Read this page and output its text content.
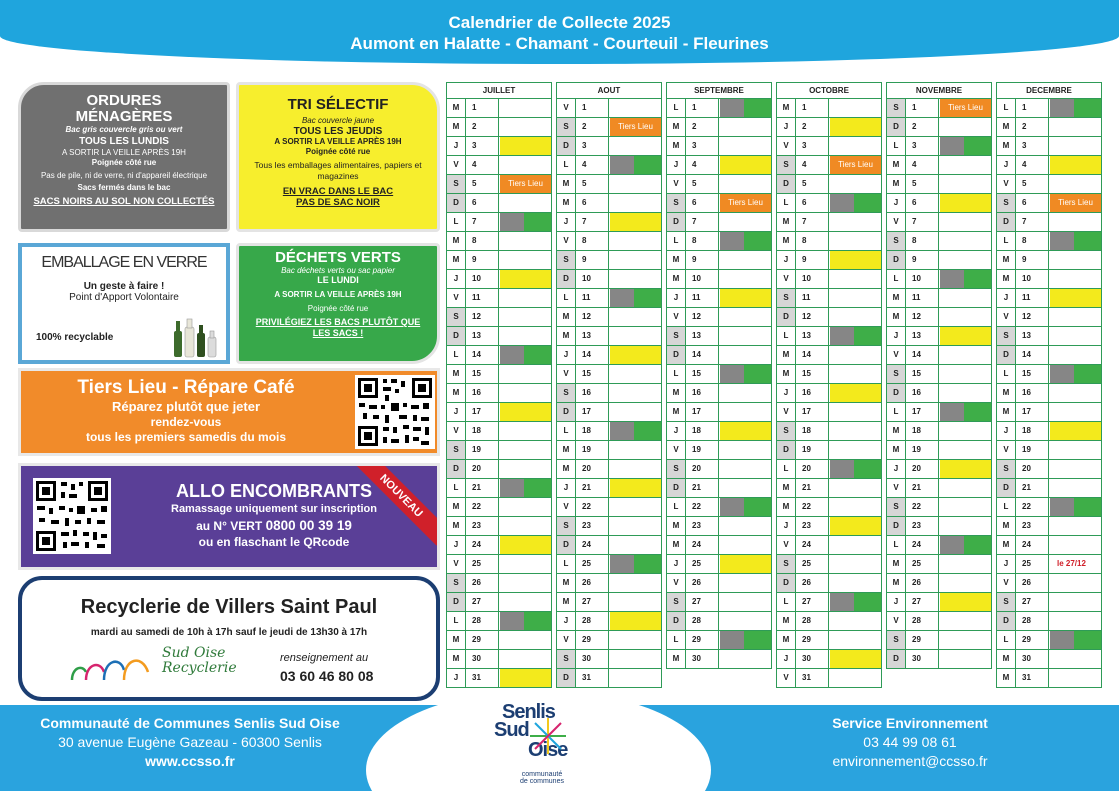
Calendrier de Collecte 2025
Aumont en Halatte - Chamant - Courteuil - Fleurines
ORDURES
MÉNAGÈRES
Bac gris couvercle gris ou vert
TOUS LES LUNDIS
A SORTIR LA VEILLE APRÈS 19H
Poignée côté rue
Pas de pile, ni de verre, ni d'appareil électrique
Sacs fermés dans le bac
SACS NOIRS AU SOL NON COLLECTÉS
TRI SÉLECTIF
Bac couvercle jaune
TOUS LES JEUDIS
A SORTIR LA VEILLE APRÈS 19H
Poignée côté rue
Tous les emballages alimentaires, papiers et magazines
EN VRAC DANS LE BAC
PAS DE SAC NOIR
EMBALLAGE EN VERRE
Un geste à faire !
Point d'Apport Volontaire
100% recyclable
DÉCHETS VERTS
Bac déchets verts ou sac papier
LE LUNDI
A SORTIR LA VEILLE APRÈS 19H
Poignée côté rue
PRIVILÉGIEZ LES BACS PLUTÔT QUE LES SACS !
Tiers Lieu - Répare Café
Réparez plutôt que jeter
rendez-vous
tous les premiers samedis du mois
ALLO ENCOMBRANTS
Ramassage uniquement sur inscription
au N° VERT 0800 00 39 19
ou en flaschant le QRcode
NOUVEAU
Recyclerie de Villers Saint Paul
mardi au samedi de 10h à 17h sauf le jeudi de 13h30 à 17h
Sud Oise
Recyclerie
renseignement au
03 60 46 80 08
JUILLET
M	1
M	2
J	3
V	4
S	5	Tiers Lieu
D	6
L	7
M	8
M	9
J	10
V	11
S	12
D	13
L	14
M	15
M	16
J	17
V	18
S	19
D	20
L	21
M	22
M	23
J	24
V	25
S	26
D	27
L	28
M	29
M	30
J	31
AOUT
V	1
S	2	Tiers Lieu
D	3
L	4
M	5
M	6
J	7
V	8
S	9
D	10
L	11
M	12
M	13
J	14
V	15
S	16
D	17
L	18
M	19
M	20
J	21
V	22
S	23
D	24
L	25
M	26
M	27
J	28
V	29
S	30
D	31
SEPTEMBRE
L	1
M	2
M	3
J	4
V	5
S	6	Tiers Lieu
D	7
L	8
M	9
M	10
J	11
V	12
S	13
D	14
L	15
M	16
M	17
J	18
V	19
S	20
D	21
L	22
M	23
M	24
J	25
V	26
S	27
D	28
L	29
M	30
OCTOBRE
M	1
J	2
V	3
S	4	Tiers Lieu
D	5
L	6
M	7
M	8
J	9
V	10
S	11
D	12
L	13
M	14
M	15
J	16
V	17
S	18
D	19
L	20
M	21
M	22
J	23
V	24
S	25
D	26
L	27
M	28
M	29
J	30
V	31
NOVEMBRE
S	1	Tiers Lieu
D	2
L	3
M	4
M	5
J	6
V	7
S	8
D	9
L	10
M	11
M	12
J	13
V	14
S	15
D	16
L	17
M	18
M	19
J	20
V	21
S	22
D	23
L	24
M	25
M	26
J	27
V	28
S	29
D	30
DECEMBRE
L	1
M	2
M	3
J	4
V	5
S	6	Tiers Lieu
D	7
L	8
M	9
M	10
J	11
V	12
S	13
D	14
L	15
M	16
M	17
J	18
V	19
S	20
D	21
L	22
M	23
M	24
J	25	le 27/12
V	26
S	27
D	28
L	29
M	30
M	31
Communauté de Communes Senlis Sud Oise
30 avenue Eugène Gazeau - 60300 Senlis
www.ccsso.fr
Service Environnement
03 44 99 08 61
environnement@ccsso.fr
Senlis
Sud
Oise
communauté
de communes
